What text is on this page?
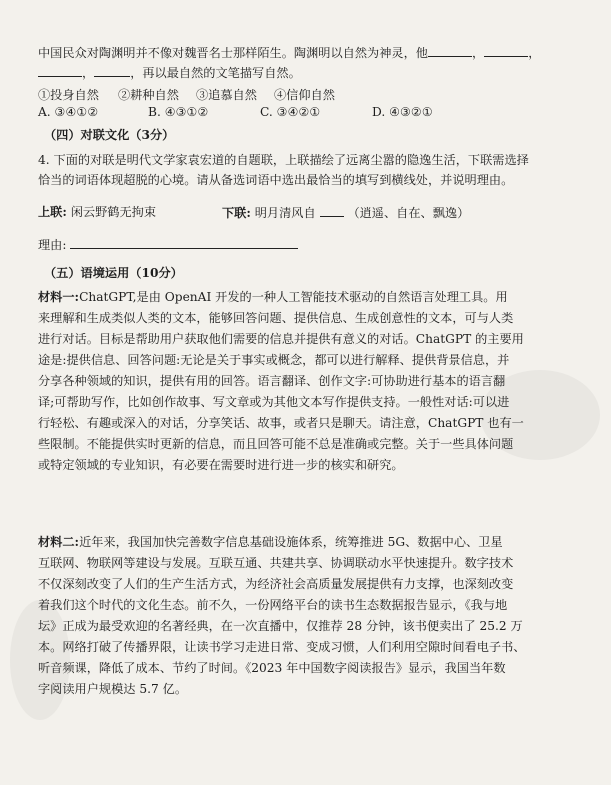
中国民众对陶渊明并不像对魏晋名士那样陌生。陶渊明以自然为神灵，他	，	，
，	，再以最自然的文笔描写自然。
①投身自然 ②耕种自然 ③追慕自然 ④信仰自然
A. ③④①②	B. ④③①②	C. ③④②①	D. ④③②①
（四）对联文化（3分）
4. 下面的对联是明代文学家袁宏道的自题联，上联描绘了远离尘嚣的隐逸生活，下联需选择
恰当的词语体现超脱的心境。请从备选词语中选出最恰当的填写到横线处，并说明理由。
上联: 闲云野鹤无拘束	下联: 明月清风自	（逍遥、自在、飘逸）
理由:
（五）语境运用（10分）
材料一:ChatGPT,是由 OpenAI 开发的一种人工智能技术驱动的自然语言处理工具。用
来理解和生成类似人类的文本，能够回答问题、提供信息、生成创意性的文本，可与人类
进行对话。目标是帮助用户获取他们需要的信息并提供有意义的对话。ChatGPT 的主要用
途是:提供信息、回答问题:无论是关于事实或概念，都可以进行解释、提供背景信息，并
分享各种领域的知识，提供有用的回答。语言翻译、创作文字:可协助进行基本的语言翻
译;可帮助写作，比如创作故事、写文章或为其他文本写作提供支持。一般性对话:可以进
行轻松、有趣或深入的对话，分享笑话、故事，或者只是聊天。请注意，ChatGPT 也有一
些限制。不能提供实时更新的信息，而且回答可能不总是准确或完整。关于一些具体问题
或特定领域的专业知识，有必要在需要时进行进一步的核实和研究。
材料二:近年来，我国加快完善数字信息基础设施体系，统筹推进 5G、数据中心、卫星
互联网、物联网等建设与发展。互联互通、共建共享、协调联动水平快速提升。数字技术
不仅深刻改变了人们的生产生活方式，为经济社会高质量发展提供有力支撑，也深刻改变
着我们这个时代的文化生态。前不久，一份网络平台的读书生态数据报告显示，《我与地
坛》正成为最受欢迎的名著经典，在一次直播中，仅推荐 28 分钟，该书便卖出了 25.2 万
本。网络打破了传播界限，让读书学习走进日常、变成习惯，人们利用空隙时间看电子书、
听音频课，降低了成本、节约了时间。《2023 年中国数字阅读报告》显示，我国当年数
字阅读用户规模达 5.7 亿。
